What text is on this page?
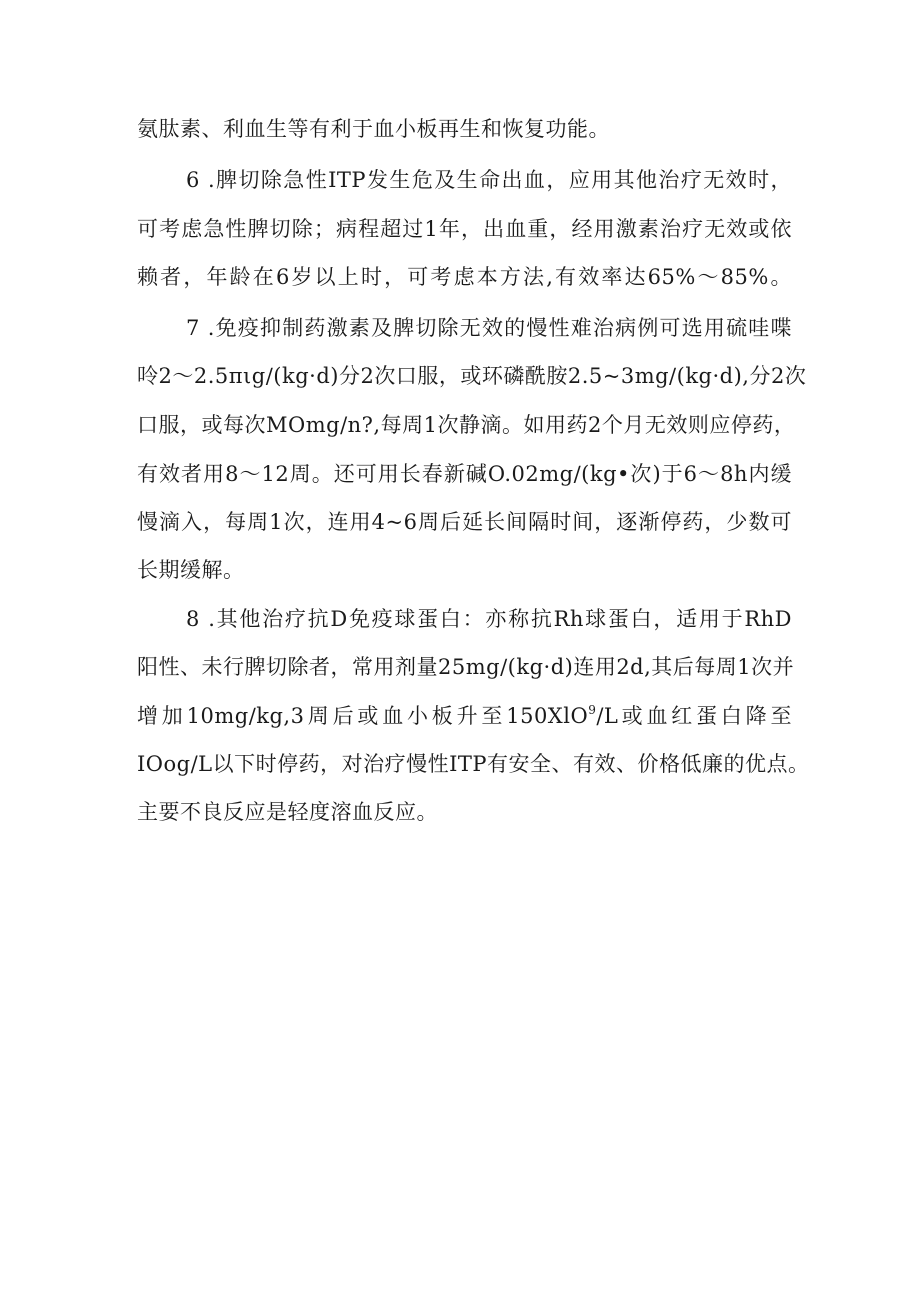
氨肽素、利血生等有利于血小板再生和恢复功能。
6 .脾切除急性ITP发生危及生命出血，应用其他治疗无效时，
可考虑急性脾切除；病程超过1年，出血重，经用激素治疗无效或依
赖者，年龄在6岁以上时，可考虑本方法,有效率达65%～85%。
7 .免疫抑制药激素及脾切除无效的慢性难治病例可选用硫哇喋
呤2～2.5πιg∕(kg·d)分2次口服，或环磷酰胺2.5~3mg∕(kg·d),分2次
口服，或每次MOmg/n?,每周1次静滴。如用药2个月无效则应停药，
有效者用8～12周。还可用长春新碱O.02mg∕(kg•次)于6～8h内缓
慢滴入，每周1次，连用4~6周后延长间隔时间，逐渐停药，少数可
长期缓解。
8 .其他治疗抗D免疫球蛋白：亦称抗Rh球蛋白，适用于RhD
阳性、未行脾切除者，常用剂量25mg∕(kg·d)连用2d,其后每周1次并
增加10mg∕kg,3周后或血小板升至150XlO$^9$/L或血红蛋白降至
IOog/L以下时停药，对治疗慢性ITP有安全、有效、价格低廉的优点。
主要不良反应是轻度溶血反应。
